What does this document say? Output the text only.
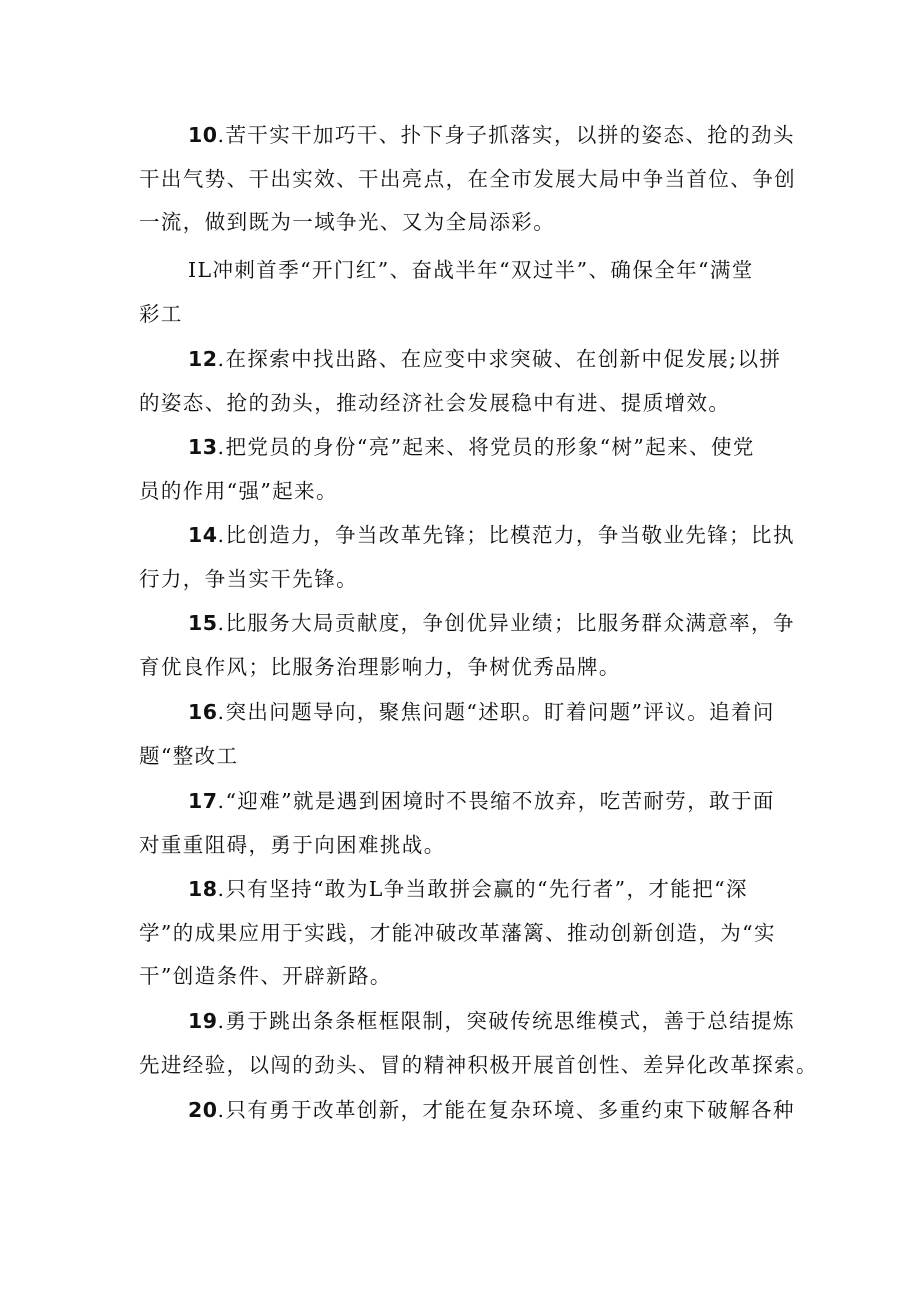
10.苦干实干加巧干、扑下身子抓落实，以拼的姿态、抢的劲头
干出气势、干出实效、干出亮点，在全市发展大局中争当首位、争创
一流，做到既为一域争光、又为全局添彩。
IL冲刺首季“开门红”、奋战半年“双过半”、确保全年“满堂
彩工
12.在探索中找出路、在应变中求突破、在创新中促发展;以拼
的姿态、抢的劲头，推动经济社会发展稳中有进、提质增效。
13.把党员的身份“亮”起来、将党员的形象“树”起来、使党
员的作用“强”起来。
14.比创造力，争当改革先锋；比模范力，争当敬业先锋；比执
行力，争当实干先锋。
15.比服务大局贡献度，争创优异业绩；比服务群众满意率，争
育优良作风；比服务治理影响力，争树优秀品牌。
16.突出问题导向，聚焦问题“述职。盯着问题”评议。追着问
题“整改工
17.“迎难”就是遇到困境时不畏缩不放弃，吃苦耐劳，敢于面
对重重阻碍，勇于向困难挑战。
18.只有坚持“敢为L争当敢拼会赢的“先行者”，才能把“深
学”的成果应用于实践，才能冲破改革藩篱、推动创新创造，为“实
干”创造条件、开辟新路。
19.勇于跳出条条框框限制，突破传统思维模式，善于总结提炼
先进经验，以闯的劲头、冒的精神积极开展首创性、差异化改革探索。
20.只有勇于改革创新，才能在复杂环境、多重约束下破解各种
